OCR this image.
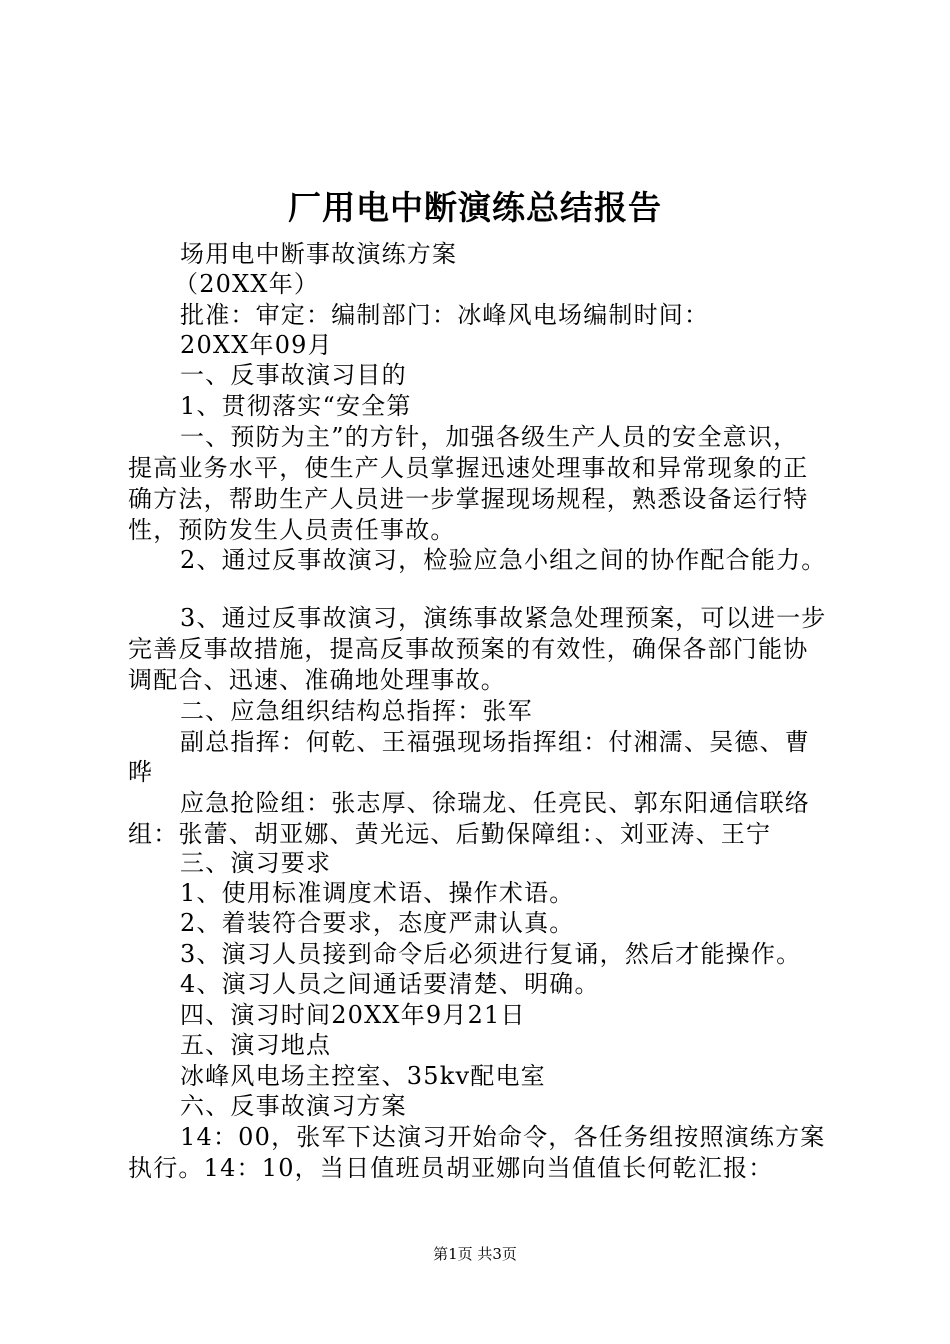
厂用电中断演练总结报告
场用电中断事故演练方案
（20XX年）
批准：审定：编制部门：冰峰风电场编制时间：
20XX年09月
一、反事故演习目的
1、贯彻落实“安全第
一、预防为主”的方针，加强各级生产人员的安全意识，
提高业务水平，使生产人员掌握迅速处理事故和异常现象的正
确方法，帮助生产人员进一步掌握现场规程，熟悉设备运行特
性，预防发生人员责任事故。
2、通过反事故演习，检验应急小组之间的协作配合能力。
3、通过反事故演习，演练事故紧急处理预案，可以进一步
完善反事故措施，提高反事故预案的有效性，确保各部门能协
调配合、迅速、准确地处理事故。
二、应急组织结构总指挥：张军
副总指挥：何乾、王福强现场指挥组：付湘濡、吴德、曹
晔
应急抢险组：张志厚、徐瑞龙、任亮民、郭东阳通信联络
组：张蕾、胡亚娜、黄光远、后勤保障组：、刘亚涛、王宁
三、演习要求
1、使用标准调度术语、操作术语。
2、着装符合要求，态度严肃认真。
3、演习人员接到命令后必须进行复诵，然后才能操作。
4、演习人员之间通话要清楚、明确。
四、演习时间20XX年9月21日
五、演习地点
冰峰风电场主控室、35kv配电室
六、反事故演习方案
14：00，张军下达演习开始命令，各任务组按照演练方案
执行。14：10，当日值班员胡亚娜向当值值长何乾汇报：
第1页 共3页
